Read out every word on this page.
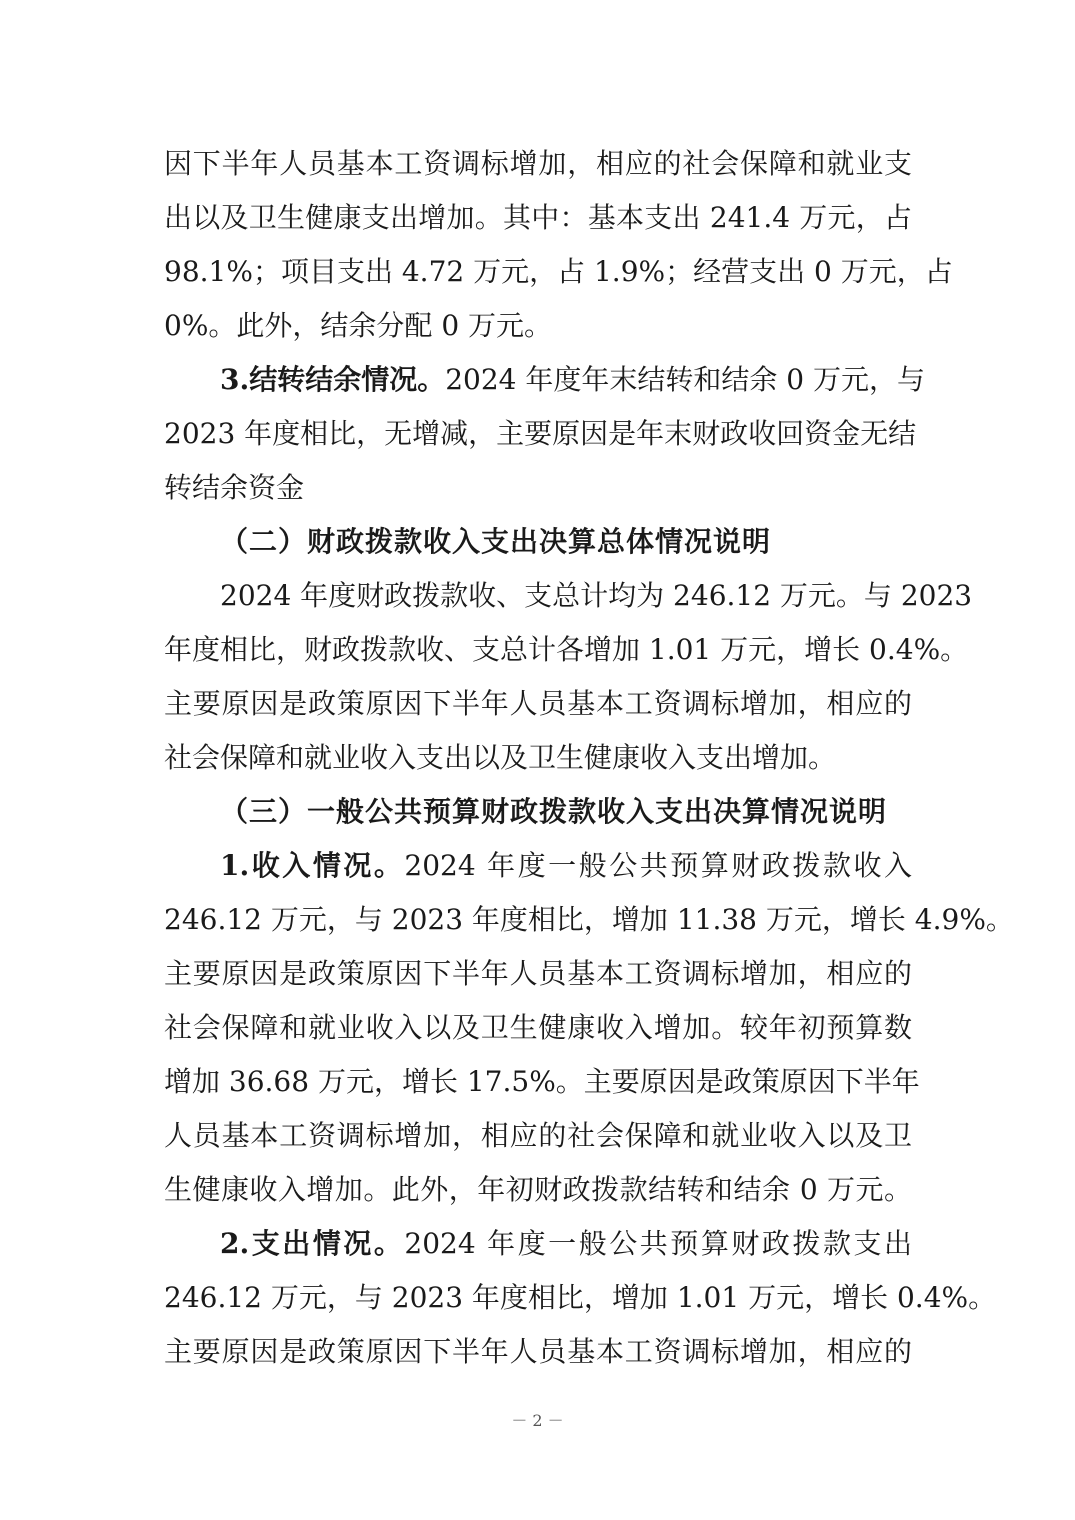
因下半年人员基本工资调标增加，相应的社会保障和就业支
出以及卫生健康支出增加。其中：基本支出 241.4 万元，占
98.1%；项目支出 4.72 万元，占 1.9%；经营支出 0 万元，占
0%。此外，结余分配 0 万元。
3.结转结余情况。2024 年度年末结转和结余 0 万元，与
2023 年度相比，无增减，主要原因是年末财政收回资金无结
转结余资金
（二）财政拨款收入支出决算总体情况说明
2024 年度财政拨款收、支总计均为 246.12 万元。与 2023
年度相比，财政拨款收、支总计各增加 1.01 万元，增长 0.4%。
主要原因是政策原因下半年人员基本工资调标增加，相应的
社会保障和就业收入支出以及卫生健康收入支出增加。
（三）一般公共预算财政拨款收入支出决算情况说明
1.收入情况。2024 年度一般公共预算财政拨款收入
246.12 万元，与 2023 年度相比，增加 11.38 万元，增长 4.9%。
主要原因是政策原因下半年人员基本工资调标增加，相应的
社会保障和就业收入以及卫生健康收入增加。较年初预算数
增加 36.68 万元，增长 17.5%。主要原因是政策原因下半年
人员基本工资调标增加，相应的社会保障和就业收入以及卫
生健康收入增加。此外，年初财政拨款结转和结余 0 万元。
2.支出情况。2024 年度一般公共预算财政拨款支出
246.12 万元，与 2023 年度相比，增加 1.01 万元，增长 0.4%。
主要原因是政策原因下半年人员基本工资调标增加，相应的
－ 2 －
